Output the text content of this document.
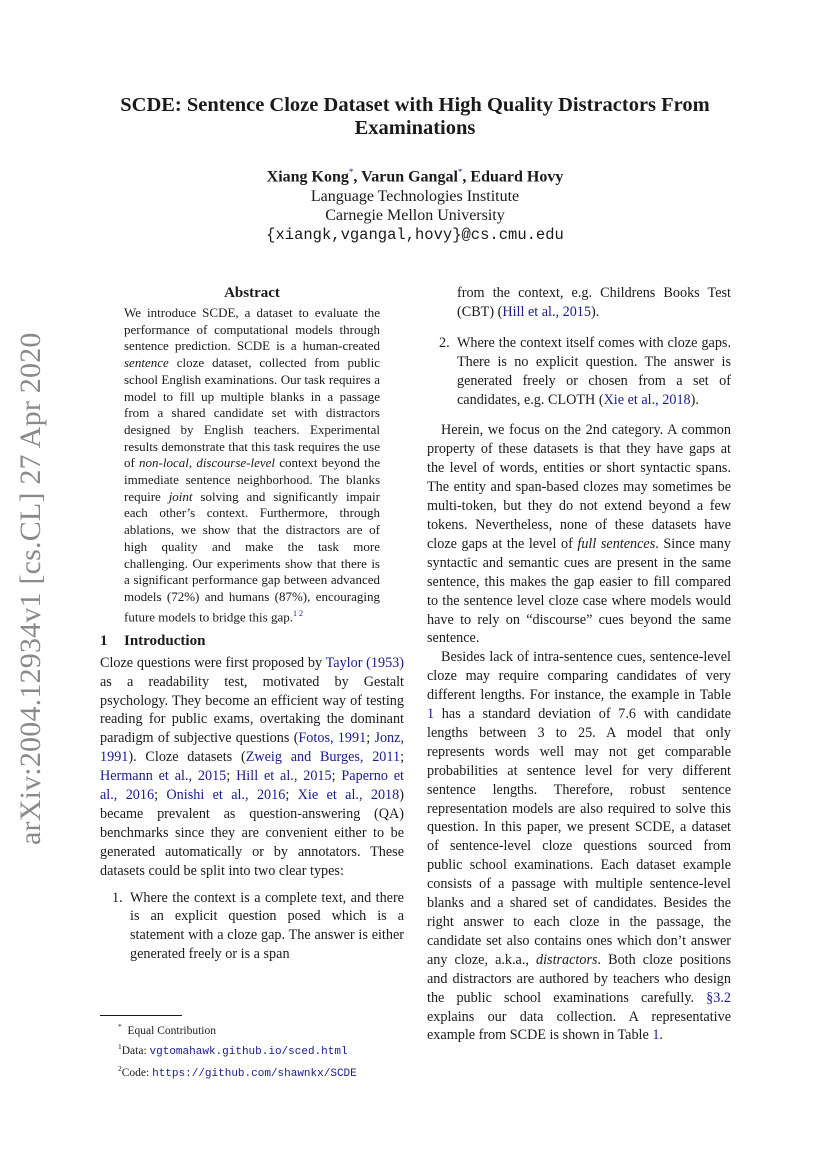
arXiv:2004.12934v1 [cs.CL] 27 Apr 2020
SCDE: Sentence Cloze Dataset with High Quality Distractors From Examinations
Xiang Kong*, Varun Gangal*, Eduard Hovy
Language Technologies Institute
Carnegie Mellon University
{xiangk,vgangal,hovy}@cs.cmu.edu
Abstract
We introduce SCDE, a dataset to evaluate the performance of computational models through sentence prediction. SCDE is a human-created sentence cloze dataset, collected from public school English examinations. Our task requires a model to fill up multiple blanks in a passage from a shared candidate set with distractors designed by English teachers. Experimental results demonstrate that this task requires the use of non-local, discourse-level context beyond the immediate sentence neighborhood. The blanks require joint solving and significantly impair each other’s context. Furthermore, through ablations, we show that the distractors are of high quality and make the task more challenging. Our experiments show that there is a significant performance gap between advanced models (72%) and humans (87%), encouraging future models to bridge this gap.$^{1 2}$
1 Introduction

Cloze questions were first proposed by Taylor (1953) as a readability test, motivated by Gestalt psychology. They become an efficient way of testing reading for public exams, overtaking the dominant paradigm of subjective questions (Fotos, 1991; Jonz, 1991). Cloze datasets (Zweig and Burges, 2011; Hermann et al., 2015; Hill et al., 2015; Paperno et al., 2016; Onishi et al., 2016; Xie et al., 2018) became prevalent as question-answering (QA) benchmarks since they are convenient either to be generated automatically or by annotators. These datasets could be split into two clear types:

1. Where the context is a complete text, and there is an explicit question posed which is a statement with a cloze gap. The answer is either generated freely or is a span

from the context, e.g. Childrens Books Test (CBT) (Hill et al., 2015).

2. Where the context itself comes with cloze gaps. There is no explicit question. The answer is generated freely or chosen from a set of candidates, e.g. CLOTH (Xie et al., 2018).

Herein, we focus on the 2nd category. A common property of these datasets is that they have gaps at the level of words, entities or short syntactic spans. The entity and span-based clozes may sometimes be multi-token, but they do not extend beyond a few tokens. Nevertheless, none of these datasets have cloze gaps at the level of full sentences. Since many syntactic and semantic cues are present in the same sentence, this makes the gap easier to fill compared to the sentence level cloze case where models would have to rely on “discourse” cues beyond the same sentence.

Besides lack of intra-sentence cues, sentence-level cloze may require comparing candidates of very different lengths. For instance, the example in Table 1 has a standard deviation of 7.6 with candidate lengths between 3 to 25. A model that only represents words well may not get comparable probabilities at sentence level for very different sentence lengths. Therefore, robust sentence representation models are also required to solve this question. In this paper, we present SCDE, a dataset of sentence-level cloze questions sourced from public school examinations. Each dataset example consists of a passage with multiple sentence-level blanks and a shared set of candidates. Besides the right answer to each cloze in the passage, the candidate set also contains ones which don’t answer any cloze, a.k.a., distractors. Both cloze positions and distractors are authored by teachers who design the public school examinations carefully. §3.2 explains our data collection. A representative example from SCDE is shown in Table 1.

* Equal Contribution
$^1$Data: vgtomahawk.github.io/sced.html
$^2$Code: https://github.com/shawnkx/SCDE
